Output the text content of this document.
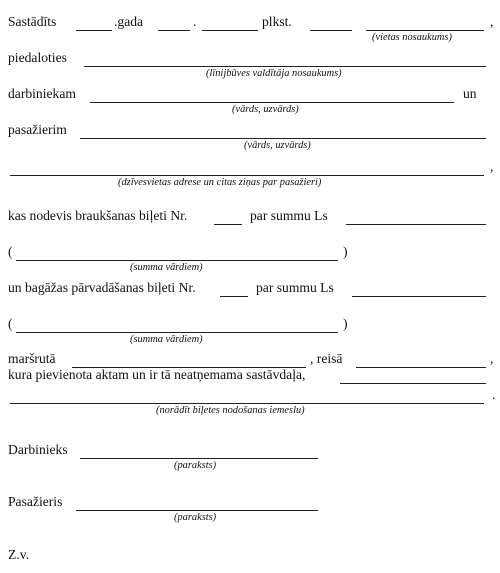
Sastādīts	.gada	.	plkst.	,
(vietas nosaukums)
piedaloties
(līnijbūves valdītāja nosaukums)
darbiniekam	un
(vārds, uzvārds)
pasažierim
(vārds, uzvārds)
,
(dzīvesvietas adrese un citas ziņas par pasažieri)
kas nodevis braukšanas biļeti Nr.	par summu Ls
(	)
(summa vārdiem)
un bagāžas pārvadāšanas biļeti Nr.	par summu Ls
(	)
(summa vārdiem)
maršrutā	, reisā	,
kura pievienota aktam un ir tā neatņemama sastāvdaļa,
.
(norādīt biļetes nodošanas iemeslu)
Darbinieks
(paraksts)
Pasažieris
(paraksts)
Z.v.
